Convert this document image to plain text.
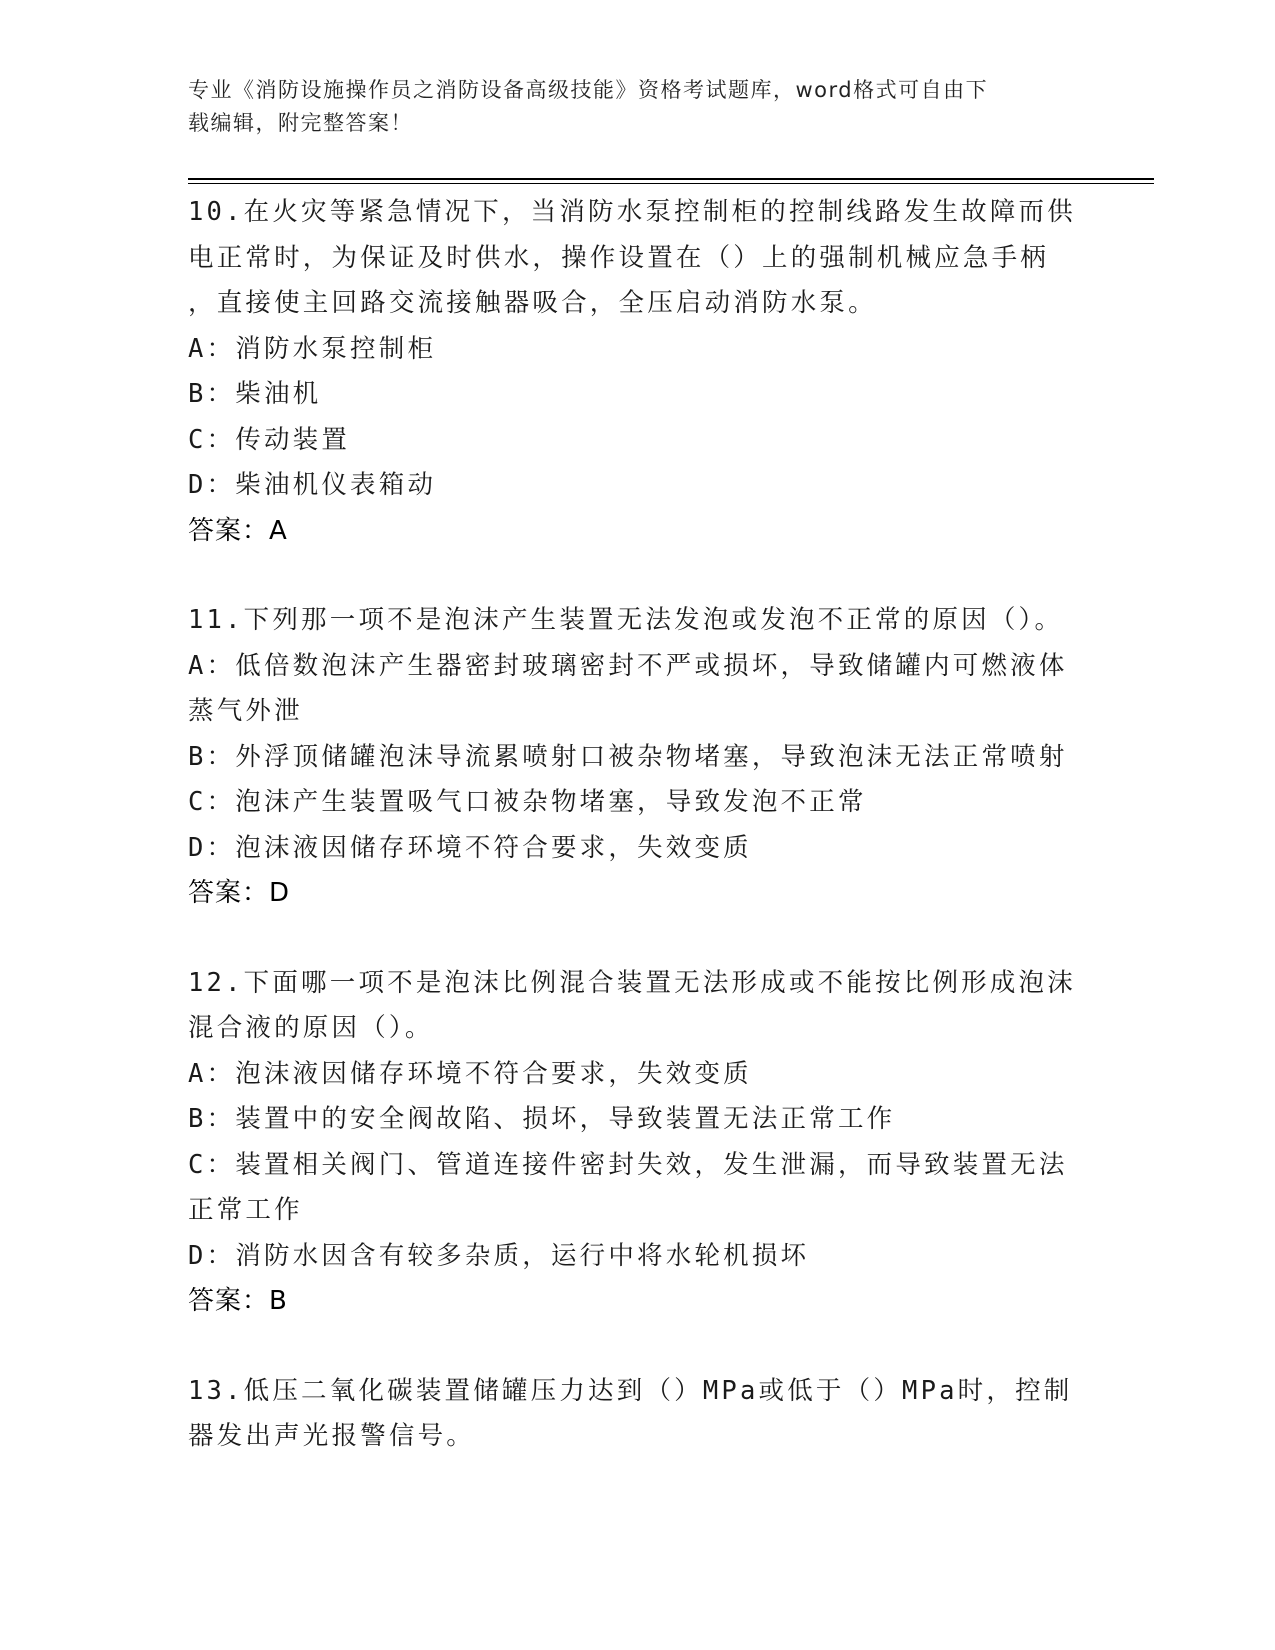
专业《消防设施操作员之消防设备高级技能》资格考试题库，word格式可自由下
载编辑，附完整答案！
10.在火灾等紧急情况下，当消防水泵控制柜的控制线路发生故障而供
电正常时，为保证及时供水，操作设置在（）上的强制机械应急手柄
，直接使主回路交流接触器吸合，全压启动消防水泵。
A：消防水泵控制柜
B：柴油机
C：传动装置
D：柴油机仪表箱动
答案：A
11.下列那一项不是泡沫产生装置无法发泡或发泡不正常的原因（）。
A：低倍数泡沫产生器密封玻璃密封不严或损坏，导致储罐内可燃液体
蒸气外泄
B：外浮顶储罐泡沫导流累喷射口被杂物堵塞，导致泡沫无法正常喷射
C：泡沫产生装置吸气口被杂物堵塞，导致发泡不正常
D：泡沫液因储存环境不符合要求，失效变质
答案：D
12.下面哪一项不是泡沫比例混合装置无法形成或不能按比例形成泡沫
混合液的原因（）。
A：泡沫液因储存环境不符合要求，失效变质
B：装置中的安全阀故陷、损坏，导致装置无法正常工作
C：装置相关阀门、管道连接件密封失效，发生泄漏，而导致装置无法
正常工作
D：消防水因含有较多杂质，运行中将水轮机损坏
答案：B
13.低压二氧化碳装置储罐压力达到（）MPa或低于（）MPa时，控制
器发出声光报警信号。
